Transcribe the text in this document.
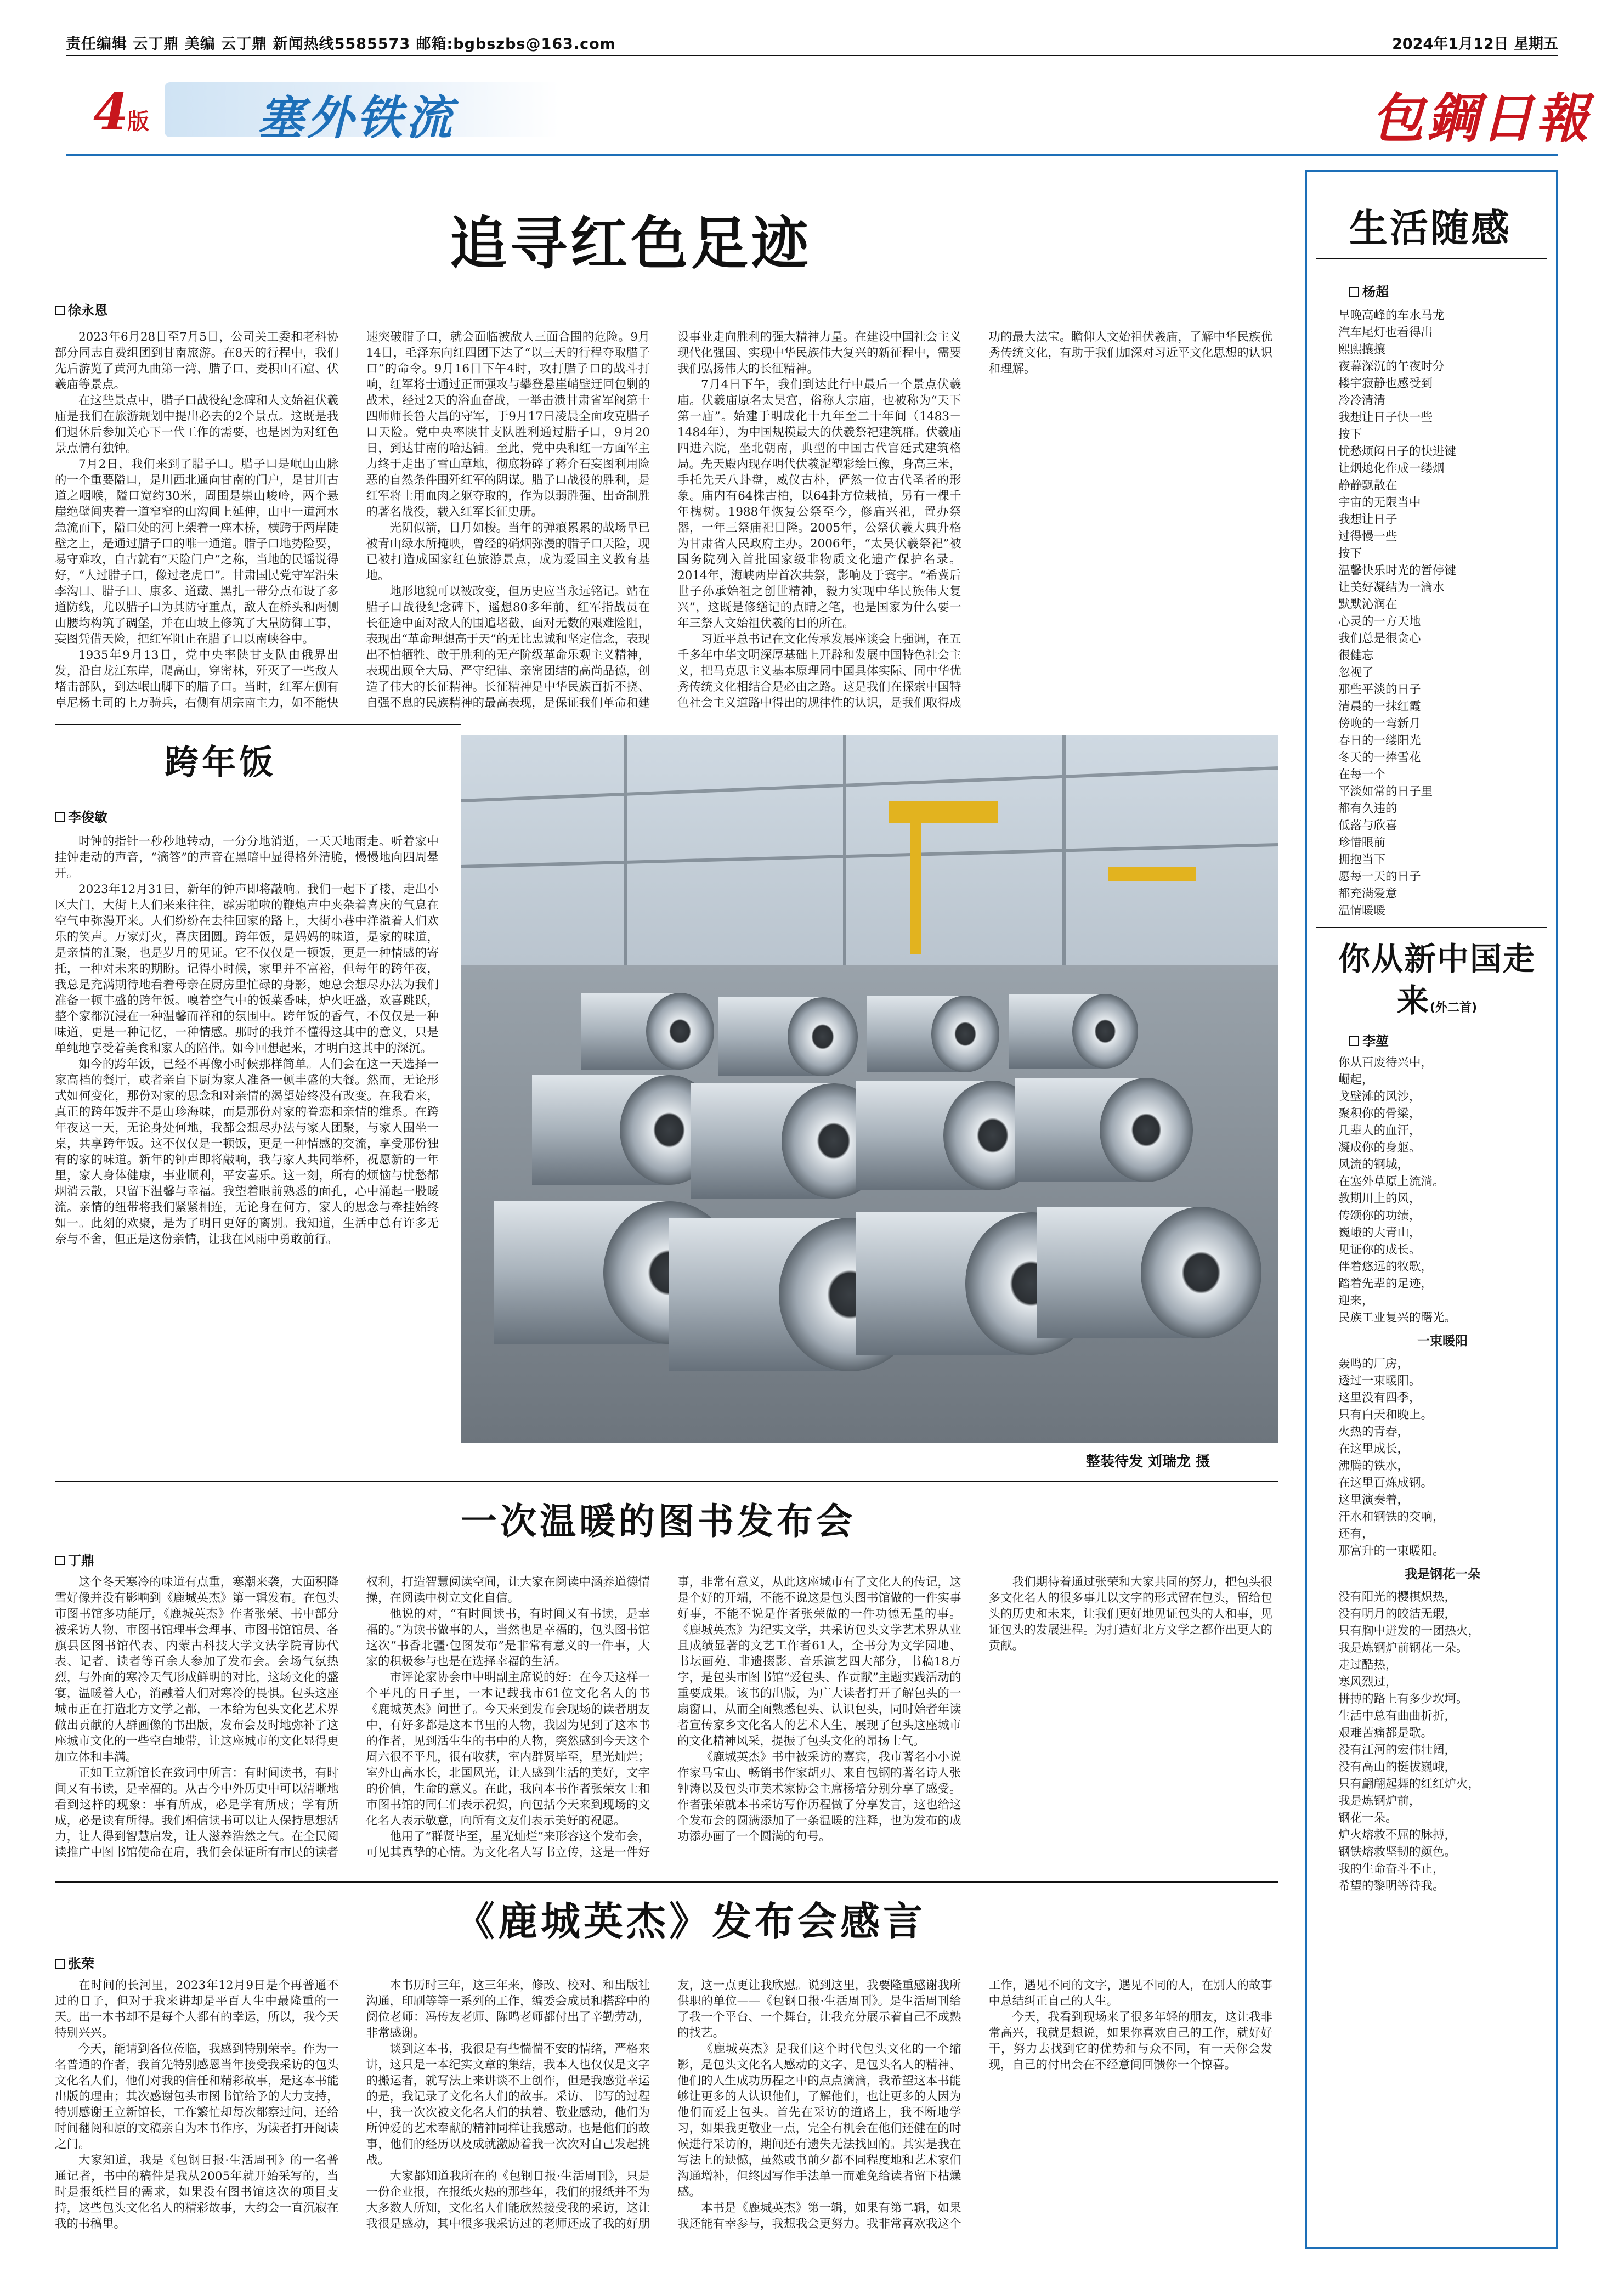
责任编辑 云丁鼎 美编 云丁鼎 新闻热线5585573 邮箱:bgbszbs@163.com	2024年1月12日 星期五
4
版 塞外铁流	包鋼日報
追寻红色足迹
徐永恩

2023年6月28日至7月5日，公司关工委和老科协部分同志自费组团到甘南旅游。在8天的行程中，我们先后游览了黄河九曲第一湾、腊子口、麦积山石窟、伏羲庙等景点。

在这些景点中，腊子口战役纪念碑和人文始祖伏羲庙是我们在旅游规划中提出必去的2个景点。这既是我们退休后参加关心下一代工作的需要，也是因为对红色景点情有独钟。

7月2日，我们来到了腊子口。腊子口是岷山山脉的一个重要隘口，是川西北通向甘南的门户，是甘川古道之咽喉，隘口宽约30米，周围是崇山峻岭，两个悬崖绝壁间夹着一道窄窄的山沟间上延伸，山中一道河水急流而下，隘口处的河上架着一座木桥，横跨于两岸陡壁之上，是通过腊子口的唯一通道。腊子口地势险要，易守难攻，自古就有“天险门户”之称，当地的民谣说得好，“人过腊子口，像过老虎口”。甘肃国民党守军沿朱李沟口、腊子口、康多、道藏、黑扎一带分点布设了多道防线，尤以腊子口为其防守重点，敌人在桥头和两侧山腰均构筑了碉堡，并在山坡上修筑了大量防御工事，妄图凭借天险，把红军阻止在腊子口以南峡谷中。

1935年9月13日，党中央率陕甘支队由俄界出发，沿白龙江东岸，爬高山，穿密林，歼灭了一些敌人堵击部队，到达岷山脚下的腊子口。当时，红军左侧有卓尼杨土司的上万骑兵，右侧有胡宗南主力，如不能快速突破腊子口，就会面临被敌人三面合围的危险。9月14日，毛泽东向红四团下达了“以三天的行程夺取腊子口”的命令。9月16日下午4时，攻打腊子口的战斗打响，红军将士通过正面强攻与攀登悬崖峭壁迂回包剿的战术，经过2天的浴血奋战，一举击溃甘肃省军阀第十四师师长鲁大昌的守军，于9月17日凌晨全面攻克腊子口天险。党中央率陕甘支队胜利通过腊子口，9月20日，到达甘南的哈达铺。至此，党中央和红一方面军主力终于走出了雪山草地，彻底粉碎了蒋介石妄图利用险恶的自然条件围歼红军的阴谋。腊子口战役的胜利，是红军将士用血肉之躯夺取的，作为以弱胜强、出奇制胜的著名战役，载入红军长征史册。

光阴似箭，日月如梭。当年的弹痕累累的战场早已被青山绿水所掩映，曾经的硝烟弥漫的腊子口天险，现已被打造成国家红色旅游景点，成为爱国主义教育基地。

地形地貌可以被改变，但历史应当永远铭记。站在腊子口战役纪念碑下，遥想80多年前，红军指战员在长征途中面对敌人的围追堵截，面对无数的艰难险阻，表现出“革命理想高于天”的无比忠诚和坚定信念，表现出不怕牺牲、敢于胜利的无产阶级革命乐观主义精神，表现出顾全大局、严守纪律、亲密团结的高尚品德，创造了伟大的长征精神。长征精神是中华民族百折不挠、自强不息的民族精神的最高表现，是保证我们革命和建设事业走向胜利的强大精神力量。在建设中国社会主义现代化强国、实现中华民族伟大复兴的新征程中，需要我们弘扬伟大的长征精神。

7月4日下午，我们到达此行中最后一个景点伏羲庙。伏羲庙原名太昊宫，俗称人宗庙，也被称为“天下第一庙”。始建于明成化十九年至二十年间（1483－1484年），为中国规模最大的伏羲祭祀建筑群。伏羲庙四进六院，坐北朝南，典型的中国古代宫廷式建筑格局。先天殿内现存明代伏羲泥塑彩绘巨像，身高三米，手托先天八卦盘，威仪古朴，俨然一位古代圣者的形象。庙内有64株古柏，以64卦方位栽植，另有一棵千年槐树。1988年恢复公祭至今，修庙兴祀，置办祭器，一年三祭庙祀日隆。2005年，公祭伏羲大典升格为甘肃省人民政府主办。2006年，“太昊伏羲祭祀”被国务院列入首批国家级非物质文化遗产保护名录。2014年，海峡两岸首次共祭，影响及于寰宇。“希冀后世子孙承始祖之创世精神，毅力实现中华民族伟大复兴”，这既是修缮记的点睛之笔，也是国家为什么要一年三祭人文始祖伏羲的目的所在。

习近平总书记在文化传承发展座谈会上强调，在五千多年中华文明深厚基础上开辟和发展中国特色社会主义，把马克思主义基本原理同中国具体实际、同中华优秀传统文化相结合是必由之路。这是我们在探索中国特色社会主义道路中得出的规律性的认识，是我们取得成功的最大法宝。瞻仰人文始祖伏羲庙，了解中华民族优秀传统文化，有助于我们加深对习近平文化思想的认识和理解。

跨年饭
李俊敏

时钟的指针一秒秒地转动，一分分地消逝，一天天地雨走。听着家中挂钟走动的声音，“滴答”的声音在黑暗中显得格外清脆，慢慢地向四周晕开。

2023年12月31日，新年的钟声即将敲响。我们一起下了楼，走出小区大门，大街上人们来来往往，霹雳啪啦的鞭炮声中夹杂着喜庆的气息在空气中弥漫开来。人们纷纷在去往回家的路上，大街小巷中洋溢着人们欢乐的笑声。万家灯火，喜庆团圆。跨年饭，是妈妈的味道，是家的味道，是亲情的汇聚，也是岁月的见证。它不仅仅是一顿饭，更是一种情感的寄托，一种对未来的期盼。记得小时候，家里并不富裕，但每年的跨年夜，我总是充满期待地看着母亲在厨房里忙碌的身影，她总会想尽办法为我们准备一顿丰盛的跨年饭。嗅着空气中的饭菜香味，炉火旺盛，欢喜跳跃，整个家都沉浸在一种温馨而祥和的氛围中。跨年饭的香气，不仅仅是一种味道，更是一种记忆，一种情感。那时的我并不懂得这其中的意义，只是单纯地享受着美食和家人的陪伴。如今回想起来，才明白这其中的深沉。

如今的跨年饭，已经不再像小时候那样简单。人们会在这一天选择一家高档的餐厅，或者亲自下厨为家人准备一顿丰盛的大餐。然而，无论形式如何变化，那份对家的思念和对亲情的渴望始终没有改变。在我看来，真正的跨年饭并不是山珍海味，而是那份对家的眷恋和亲情的维系。在跨年夜这一天，无论身处何地，我都会想尽办法与家人团聚，与家人围坐一桌，共享跨年饭。这不仅仅是一顿饭，更是一种情感的交流，享受那份独有的家的味道。新年的钟声即将敲响，我与家人共同举杯，祝愿新的一年里，家人身体健康，事业顺利，平安喜乐。这一刻，所有的烦恼与忧愁都烟消云散，只留下温馨与幸福。我望着眼前熟悉的面孔，心中涌起一股暖流。亲情的纽带将我们紧紧相连，无论身在何方，家人的思念与牵挂始终如一。此刻的欢聚，是为了明日更好的离别。我知道，生活中总有许多无奈与不舍，但正是这份亲情，让我在风雨中勇敢前行。

整装待发 刘瑞龙 摄
一次温暖的图书发布会
丁鼎

这个冬天寒冷的味道有点重，寒潮来袭，大面积降雪好像并没有影响到《鹿城英杰》第一辑发布。在包头市图书馆多功能厅，《鹿城英杰》作者张荣、书中部分被采访人物、市图书馆理事会理事、市图书馆馆员、各旗县区图书馆代表、内蒙古科技大学文法学院青协代表、记者、读者等百余人参加了发布会。会场气氛热烈，与外面的寒冷天气形成鲜明的对比，这场文化的盛宴，温暖着人心，消融着人们对寒冷的畏惧。包头这座城市正在打造北方文学之都，一本给为包头文化艺术界做出贡献的人群画像的书出版，发布会及时地弥补了这座城市文化的一些空白地带，让这座城市的文化显得更加立体和丰满。

正如王立新馆长在致词中所言：有时间读书，有时间又有书读，是幸福的。从古今中外历史中可以清晰地看到这样的现象：事有所成，必是学有所成；学有所成，必是读有所得。我们相信读书可以让人保持思想活力，让人得到智慧启发，让人滋养浩然之气。在全民阅读推广中图书馆使命在肩，我们会保证所有市民的读者权利，打造智慧阅读空间，让大家在阅读中涵养道德情操，在阅读中树立文化自信。

他说的对，“有时间读书，有时间又有书读，是幸福的。”为读书做事的人，当然也是幸福的，包头图书馆这次“书香北疆·包图发布”是非常有意义的一件事，大家的积极参与也是在选择幸福的生活。

市评论家协会申中明副主席说的好：在今天这样一个平凡的日子里，一本记载我市61位文化名人的书《鹿城英杰》问世了。今天来到发布会现场的读者朋友中，有好多都是这本书里的人物，我因为见到了这本书的作者，见到活生生的书中的人物，突然感到今天这个周六很不平凡，很有收获，室内群贤毕至，星光灿烂；室外山高水长，北国风光，让人感到生活的美好，文字的价值，生命的意义。在此，我向本书作者张荣女士和市图书馆的同仁们表示祝贺，向包括今天来到现场的文化名人表示敬意，向所有文友们表示美好的祝愿。

他用了“群贤毕至，星光灿烂”来形容这个发布会，可见其真挚的心情。为文化名人写书立传，这是一件好事，非常有意义，从此这座城市有了文化人的传记，这是个好的开端，不能不说这是包头图书馆做的一件实事好事，不能不说是作者张荣做的一件功德无量的事。《鹿城英杰》为纪实文学，共采访包头文学艺术界从业且成绩显著的文艺工作者61人，全书分为文学园地、书坛画苑、非遗掇影、音乐演艺四大部分，书稿18万字，是包头市图书馆“爱包头、作贡献”主题实践活动的重要成果。该书的出版，为广大读者打开了解包头的一扇窗口，从而全面熟悉包头、认识包头，同时始者年读者宣传家乡文化名人的艺术人生，展现了包头这座城市的文化精神风采，提振了包头文化的昂扬士气。

《鹿城英杰》书中被采访的嘉宾，我市著名小小说作家马宝山、畅销书作家胡刃、来自包钢的著名诗人张钟涛以及包头市美术家协会主席杨培分别分享了感受。作者张荣就本书采访写作历程做了分享发言，这也给这个发布会的圆满添加了一条温暖的注释，也为发布的成功添办画了一个圆满的句号。

我们期待着通过张荣和大家共同的努力，把包头很多文化名人的很多事儿以文字的形式留在包头，留给包头的历史和未来，让我们更好地见证包头的人和事，见证包头的发展进程。为打造好北方文学之都作出更大的贡献。

《鹿城英杰》发布会感言
张荣

在时间的长河里，2023年12月9日是个再普通不过的日子，但对于我来讲却是平百人生中最隆重的一天。出一本书却不是每个人都有的幸运，所以，我今天特别兴兴。

今天，能请到各位莅临，我感到特别荣幸。作为一名普通的作者，我首先特别感恩当年接受我采访的包头文化名人们，他们对我的信任和精彩故事，是这本书能出版的理由；其次感谢包头市图书馆给予的大力支持，特别感谢王立新馆长，工作繁忙却每次都察过问，还给时间翻阅和原的文稿亲自为本书作序，为读者打开阅读之门。

大家知道，我是《包钢日报·生活周刊》的一名普通记者，书中的稿件是我从2005年就开始采写的，当时是报纸栏目的需求，如果没有图书馆这次的项目支持，这些包头文化名人的精彩故事，大约会一直沉寂在我的书稿里。

本书历时三年，这三年来，修改、校对、和出版社沟通，印刷等等一系列的工作，编委会成员和搭辞中的阅位老师：冯传友老师、陈鸣老师都付出了辛勤劳动，非常感谢。

谈到这本书，我很是有些惴惴不安的情绪，严格来讲，这只是一本纪实文章的集结，我本人也仅仅是文字的搬运者，就写法上来讲谈不上创作，但是我感觉幸运的是，我记录了文化名人们的故事。采访、书写的过程中，我一次次被文化名人们的执着、敬业感动，他们为所钟爱的艺术奉献的精神同样让我感动。也是他们的故事，他们的经历以及成就激励着我一次次对自己发起挑战。

大家都知道我所在的《包钢日报·生活周刊》，只是一份企业报，在报纸火热的那些年，我们的报纸并不为大多数人所知，文化名人们能欣然接受我的采访，这让我很是感动，其中很多我采访过的老师还成了我的好朋友，这一点更让我欣慰。说到这里，我要隆重感谢我所供职的单位——《包钢日报·生活周刊》。是生活周刊给了我一个平台、一个舞台，让我充分展示着自己不成熟的找艺。

《鹿城英杰》是我们这个时代包头文化的一个缩影，是包头文化名人感动的文字、是包头名人的精神、他们的人生成功历程之中的点点滴滴，我希望这本书能够让更多的人认识他们，了解他们，也让更多的人因为他们而爱上包头。首先在采访的道路上，我不断地学习，如果我更敬业一点，完全有机会在他们还健在的时候进行采访的，期间还有遗失无法找回的。其实是我在写法上的缺憾，虽然或书前夕都不同程度地和艺术家们沟通增补，但终因写作手法单一而难免给读者留下枯燥感。

本书是《鹿城英杰》第一辑，如果有第二辑，如果我还能有幸参与，我想我会更努力。我非常喜欢我这个工作，遇见不同的文字，遇见不同的人，在别人的故事中总结纠正自己的人生。

今天，我看到现场来了很多年轻的朋友，这让我非常高兴，我就是想说，如果你喜欢自己的工作，就好好干，努力去找到它的优势和与众不同，有一天你会发现，自己的付出会在不经意间回馈你一个惊喜。

生活随感
杨超
早晚高峰的车水马龙
汽车尾灯也看得出
熙熙攘攘
夜幕深沉的午夜时分
楼宇寂静也感受到
冷冷清清
我想让日子快一些
按下
忧愁烦闷日子的快进键
让烟熄化作成一缕烟
静静飘散在
宇宙的无限当中
我想让日子
过得慢一些
按下
温馨快乐时光的暂停键
让美好凝结为一滴水
默默沁润在
心灵的一方天地
我们总是很贪心
很健忘
忽视了
那些平淡的日子
清晨的一抹红霞
傍晚的一弯新月
春日的一缕阳光
冬天的一捧雪花
在每一个
平淡如常的日子里
都有久违的
低落与欣喜
珍惜眼前
拥抱当下
愿每一天的日子
都充满爱意
温情暖暖
你从新中国走来(外二首)
李堃
你从百废待兴中，
崛起，
戈壁滩的风沙，
聚积你的骨梁，
几辈人的血汗，
凝成你的身躯。
风流的钢城，
在塞外草原上流淌。
教期川上的风，
传颂你的功绩，
巍峨的大青山，
见证你的成长。
伴着悠远的牧歌，
踏着先辈的足迹，
迎来，
民族工业复兴的曙光。
一束暖阳
轰鸣的厂房，
透过一束暖阳。
这里没有四季，
只有白天和晚上。
火热的青春，
在这里成长，
沸腾的铁水，
在这里百炼成钢。
这里演奏着，
汗水和钢铁的交响，
还有，
那富升的一束暖阳。
我是钢花一朵
没有阳光的樱棋炽热，
没有明月的皎洁无瑕，
只有胸中迸发的一团热火，
我是炼钢炉前钢花一朵。
走过酷热，
寒风烈过，
拼搏的路上有多少坎坷。
生活中总有曲曲折折，
艰难苦痛都是歌。
没有江河的宏伟壮阔，
没有高山的挺拔巍峨，
只有翩翩起舞的红红炉火，
我是炼钢炉前，
钢花一朵。
炉火熔救不屈的脉搏，
钢铁熔救坚韧的颜色。
我的生命奋斗不止，
希望的黎明等待我。
